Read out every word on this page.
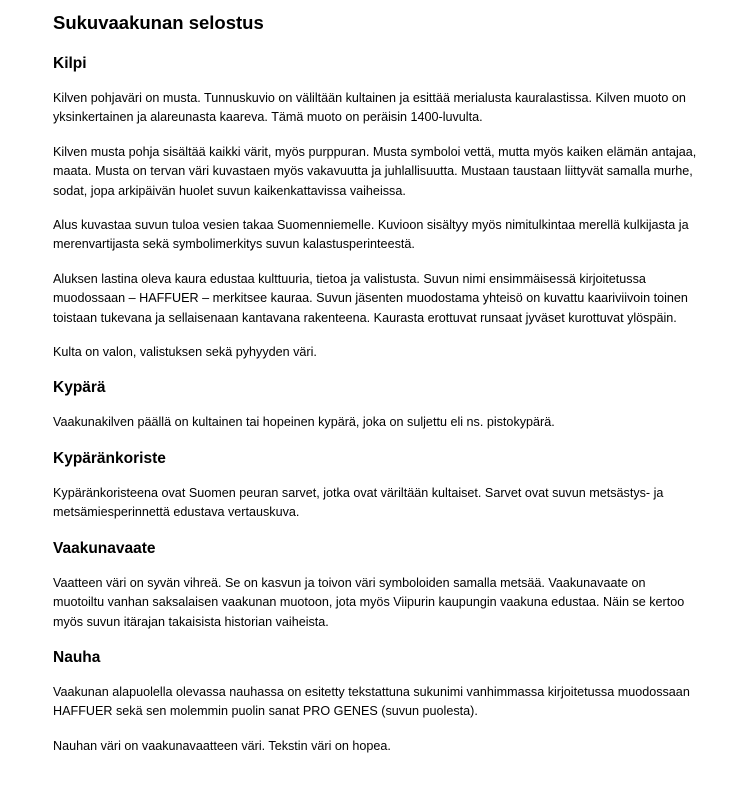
Sukuvaakunan selostus
Kilpi

Kilven pohjaväri on musta. Tunnuskuvio on väliltään kultainen ja esittää merialusta kauralastissa. Kilven muoto on yksinkertainen ja alareunasta kaareva. Tämä muoto on peräisin 1400-luvulta.

Kilven musta pohja sisältää kaikki värit, myös purppuran. Musta symboloi vettä, mutta myös kaiken elämän antajaa, maata. Musta on tervan väri kuvastaen myös vakavuutta ja juhlallisuutta. Mustaan taustaan liittyvät samalla murhe, sodat, jopa arkipäivän huolet suvun kaikenkattavissa vaiheissa.

Alus kuvastaa suvun tuloa vesien takaa Suomenniemelle. Kuvioon sisältyy myös nimitulkintaa merellä kulkijasta ja merenvartijasta sekä symbolimerkitys suvun kalastusperinteestä.

Aluksen lastina oleva kaura edustaa kulttuuria, tietoa ja valistusta. Suvun nimi ensimmäisessä kirjoitetussa muodossaan – HAFFUER – merkitsee kauraa. Suvun jäsenten muodostama yhteisö on kuvattu kaariviivoin toinen toistaan tukevana ja sellaisenaan kantavana rakenteena. Kaurasta erottuvat runsaat jyväset kurottuvat ylöspäin.

Kulta on valon, valistuksen sekä pyhyyden väri.

Kypärä

Vaakunakilven päällä on kultainen tai hopeinen kypärä, joka on suljettu eli ns. pistokypärä.

Kypäränkoriste

Kypäränkoristeena ovat Suomen peuran sarvet, jotka ovat väriltään kultaiset. Sarvet ovat suvun metsästys- ja metsämiesperinnettä edustava vertauskuva.

Vaakunavaate

Vaatteen väri on syvän vihreä. Se on kasvun ja toivon väri symboloiden samalla metsää. Vaakunavaate on muotoiltu vanhan saksalaisen vaakunan muotoon, jota myös Viipurin kaupungin vaakuna edustaa. Näin se kertoo myös suvun itärajan takaisista historian vaiheista.

Nauha

Vaakunan alapuolella olevassa nauhassa on esitetty tekstattuna sukunimi vanhimmassa kirjoitetussa muodossaan HAFFUER sekä sen molemmin puolin sanat PRO GENES (suvun puolesta).

Nauhan väri on vaakunavaatteen väri. Tekstin väri on hopea.
